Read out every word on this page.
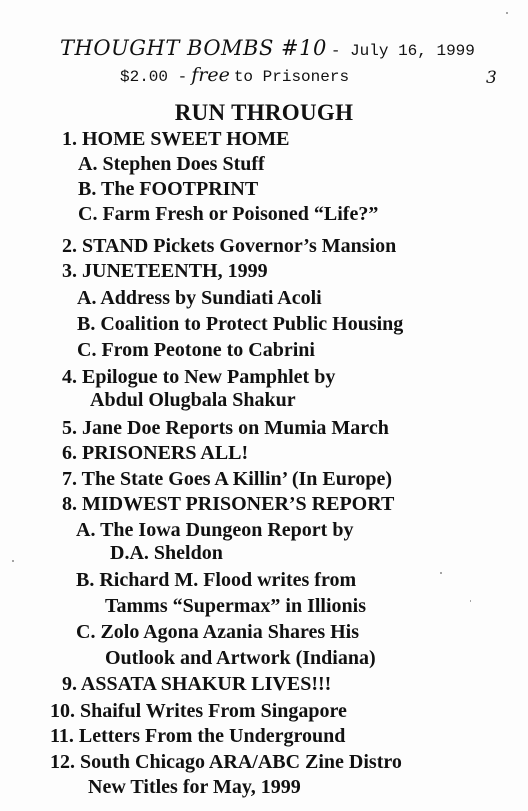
THOUGHT BOMBS #10 - July 16, 1999
$2.00 - free to Prisoners	3
RUN THROUGH
1. HOME SWEET HOME
A. Stephen Does Stuff
B. The FOOTPRINT
C. Farm Fresh or Poisoned “Life?”
2. STAND Pickets Governor’s Mansion
3. JUNETEENTH, 1999
A. Address by Sundiati Acoli
B. Coalition to Protect Public Housing
C. From Peotone to Cabrini
4. Epilogue to New Pamphlet by
Abdul Olugbala Shakur
5. Jane Doe Reports on Mumia March
6. PRISONERS ALL!
7. The State Goes A Killin’ (In Europe)
8. MIDWEST PRISONER’S REPORT
A. The Iowa Dungeon Report by
D.A. Sheldon
B. Richard M. Flood writes from
Tamms “Supermax” in Illionis
C. Zolo Agona Azania Shares His
Outlook and Artwork (Indiana)
9. ASSATA SHAKUR LIVES!!!
10. Shaiful Writes From Singapore
11. Letters From the Underground
12. South Chicago ARA/ABC Zine Distro
New Titles for May, 1999
